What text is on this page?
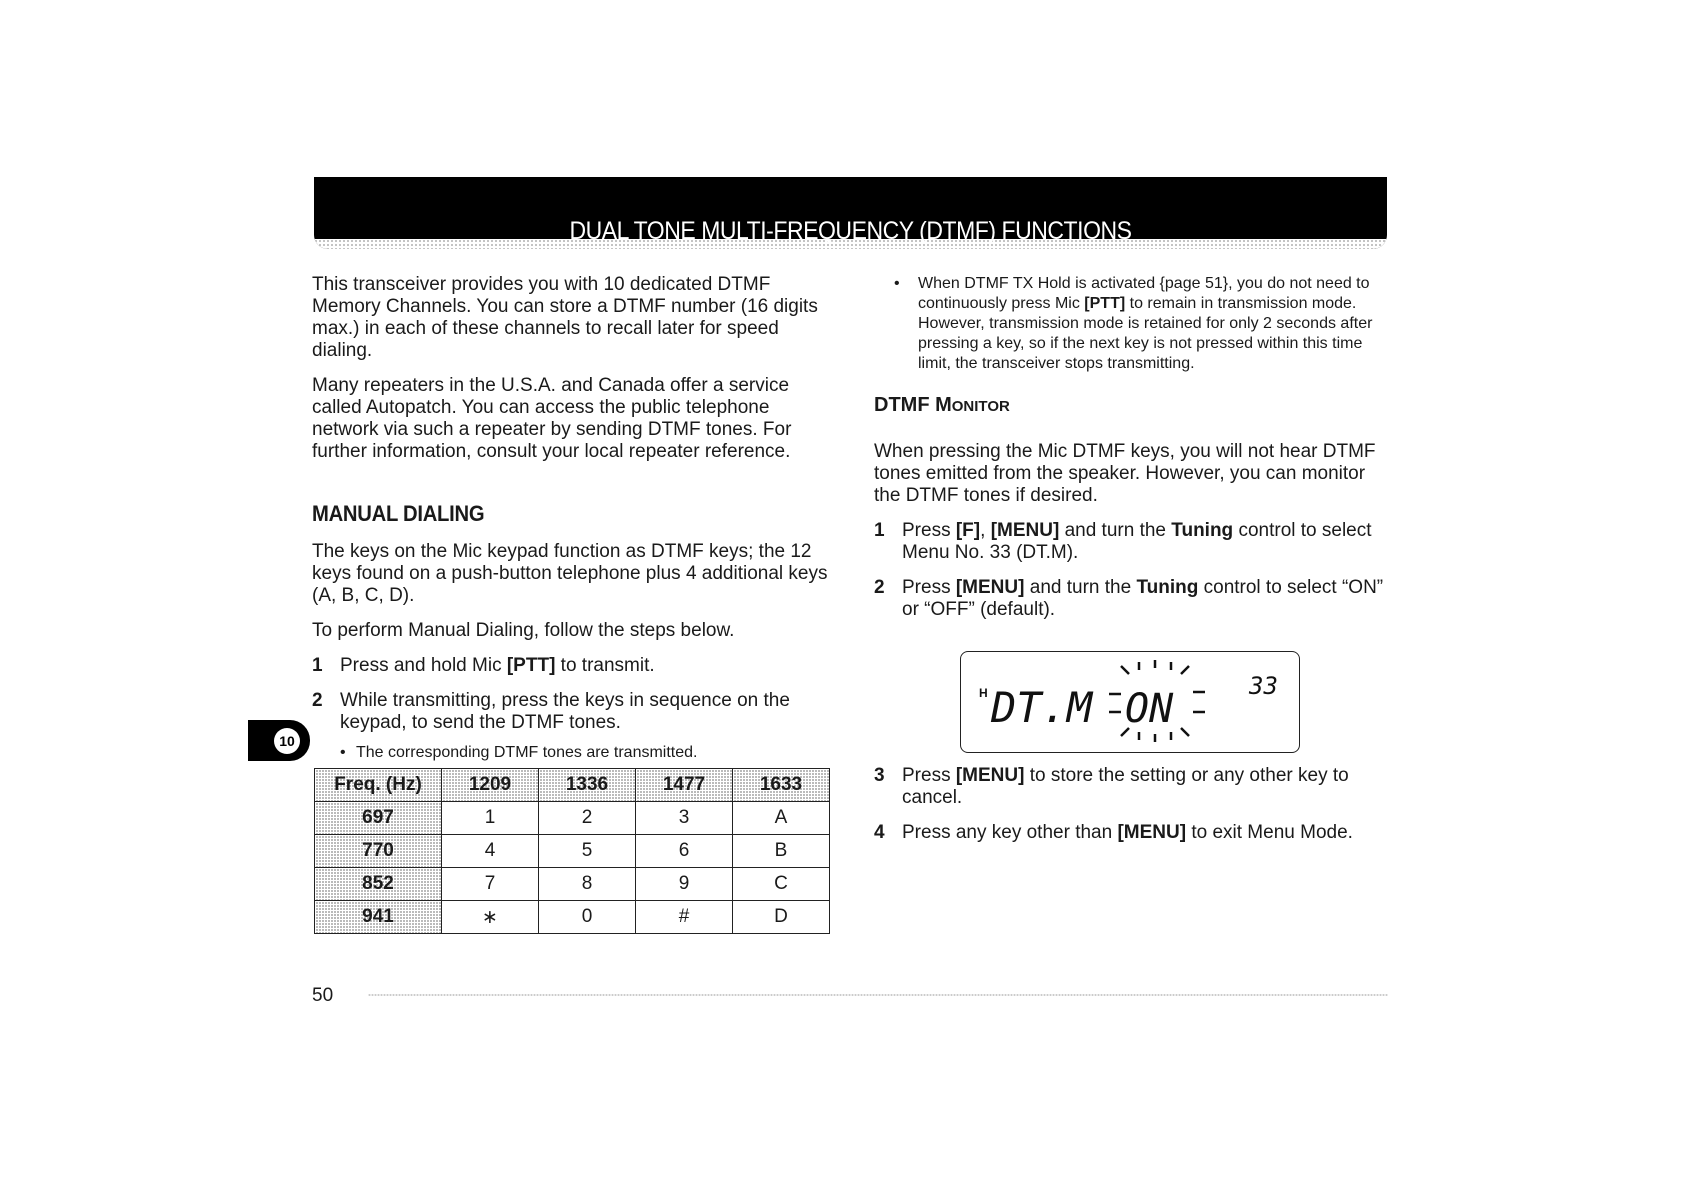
DUAL TONE MULTI-FREQUENCY (DTMF) FUNCTIONS

This transceiver provides you with 10 dedicated DTMF Memory Channels. You can store a DTMF number (16 digits max.) in each of these channels to recall later for speed dialing.

Many repeaters in the U.S.A. and Canada offer a service called Autopatch. You can access the public telephone network via such a repeater by sending DTMF tones. For further information, consult your local repeater reference.

MANUAL DIALING

The keys on the Mic keypad function as DTMF keys; the 12 keys found on a push-button telephone plus 4 additional keys (A, B, C, D).

To perform Manual Dialing, follow the steps below.

1 Press and hold Mic [PTT] to transmit.
2 While transmitting, press the keys in sequence on the keypad, to send the DTMF tones.
• The corresponding DTMF tones are transmitted.
Freq. (Hz)	1209	1336	1477	1633
697	1	2	3	A
770	4	5	6	B
852	7	8	9	C
941	∗	0	#	D
•	When DTMF TX Hold is activated {page 51}, you do not need to continuously press Mic [PTT] to remain in transmission mode. However, transmission mode is retained for only 2 seconds after pressing a key, so if the next key is not pressed within this time limit, the transceiver stops transmitting.
DTMF MONITOR

When pressing the Mic DTMF keys, you will not hear DTMF tones emitted from the speaker. However, you can monitor the DTMF tones if desired.

1 Press [F], [MENU] and turn the Tuning control to select Menu No. 33 (DT.M).
2 Press [MENU] and turn the Tuning control to select “ON” or “OFF” (default).
3 Press [MENU] to store the setting or any other key to cancel.
4 Press any key other than [MENU] to exit Menu Mode.
H DT.M ON	33
10
50
